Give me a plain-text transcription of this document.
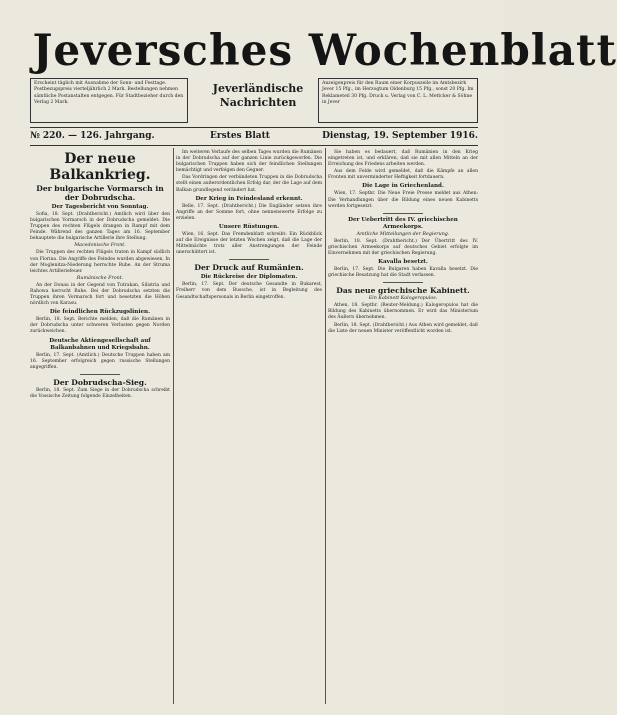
Jeversches Wochenblatt
Erscheint täglich mit Ausnahme der Sonn- und Festtage. Postbezugspreis vierteljährlich 2 Mark. Bestellungen nehmen sämtliche Postanstalten entgegen. Für Stadtbezieher durch den Verlag 2 Mark.
Jeverländische
Nachrichten
Anzeigenpreis für den Raum einer Korpuszeile im Amtsbezirk Jever 15 Pfg., im Herzogtum Oldenburg 15 Pfg., sonst 20 Pfg. Im Reklameteil 30 Pfg. Druck u. Verlag von C. L. Mettcker & Söhne in Jever
№ 220. — 126. Jahrgang.	Erstes Blatt	Dienstag, 19. September 1916.
Der neue Balkankrieg.
Der bulgarische Vormarsch in der Dobrudscha.
Der Tagesbericht von Sonntag.

Sofia, 18. Sept. (Drahtbericht.) Amtlich wird über den bulgarischen Vormarsch in der Dobrudscha gemeldet: Die Truppen des rechten Flügels drangen in Rampf mit dem Feinde. Während des ganzen Tages am 16. September behauptete die bulgarische Artillerie ihre Stellung.

Macedonische Front.

Die Truppen des rechten Flügels traten in Kampf südlich von Florina. Die Angriffe des Feindes wurden abgewiesen. In der Moglenitza-Niederung herrschte Ruhe. An der Struma leichtes Artilleriefeuer.

Rumänische Front.

An der Donau in der Gegend von Tutrakan, Silistria und Rahowa herrscht Ruhe. Bei der Dobrudscha setzten die Truppen ihren Vormarsch fort und besetzten die Höhen nördlich von Karasu.

Die feindlichen Rückzugslinien.

Berlin, 18. Sept. Berichte melden, daß die Rumänen in der Dobrudscha unter schweren Verlusten gegen Norden zurückweichen.

Deutsche Aktiengesellschaft auf Balkanbahnen und Kriegsbahn.

Berlin, 17. Sept. (Amtlich.) Deutsche Truppen haben am 16. September erfolgreich gegen russische Stellungen angegriffen.

Der Dobrudscha-Sieg.

Berlin, 18. Sept. Zum Siege in der Dobrudscha schreibt die Vossische Zeitung folgende Einzelheiten.

Im weiteren Verlaufe des selben Tages wurden die Rumänen in der Dobrudscha auf der ganzen Linie zurückgeworfen. Die bulgarischen Truppen haben sich der feindlichen Stellungen bemächtigt und verfolgen den Gegner.

Das Vordringen der verbündeten Truppen in die Dobrudscha stellt einen außerordentlichen Erfolg dar, der die Lage auf dem Balkan grundlegend verändert hat.

Der Krieg in Feindesland erkennt.

Belle, 17. Sept. (Drahtbericht.) Die Engländer setzen ihre Angriffe an der Somme fort, ohne nennenswerte Erfolge zu erzielen.

Unsere Rüstungen.

Wien, 16. Sept. Das Fremdenblatt schreibt: Ein Rückblick auf die Ereignisse der letzten Wochen zeigt, daß die Lage der Mittelmächte trotz aller Anstrengungen der Feinde unerschüttert ist.

Der Druck auf Rumänien.
Die Rückreise der Diplomaten.

Berlin, 17. Sept. Der deutsche Gesandte in Bukarest, Freiherr von dem Bussche, ist in Begleitung des Gesandtschaftspersonals in Berlin eingetroffen.

Sie haben es bedauert, daß Rumänien in den Krieg eingetreten ist, und erklären, daß sie mit allen Mitteln an der Erreichung des Friedens arbeiten werden.

Aus dem Felde wird gemeldet, daß die Kämpfe an allen Fronten mit unverminderter Heftigkeit fortdauern.

Die Lage in Griechenland.

Wien, 17. Septbr. Die Neue Freie Presse meldet aus Athen: Die Verhandlungen über die Bildung eines neuen Kabinetts werden fortgesetzt.

Der Uebertritt des IV. griechischen Armeekorps.
Amtliche Mitteilungen der Regierung.

Berlin, 18. Sept. (Drahtbericht.) Der Übertritt des IV. griechischen Armeekorps auf deutsches Gebiet erfolgte im Einvernehmen mit der griechischen Regierung.

Kavalla besetzt.

Berlin, 17. Sept. Die Bulgaren haben Kavalla besetzt. Die griechische Besatzung hat die Stadt verlassen.

Das neue griechische Kabinett.
Ein Kabinett Kalogeropulos.

Athen, 18. Septbr. (Reuter-Meldung.) Kalogeropulos hat die Bildung des Kabinetts übernommen. Er wird das Ministerium des Äußern übernehmen.

Berlin, 18. Sept. (Drahtbericht.) Aus Athen wird gemeldet, daß die Liste der neuen Minister veröffentlicht worden ist.
